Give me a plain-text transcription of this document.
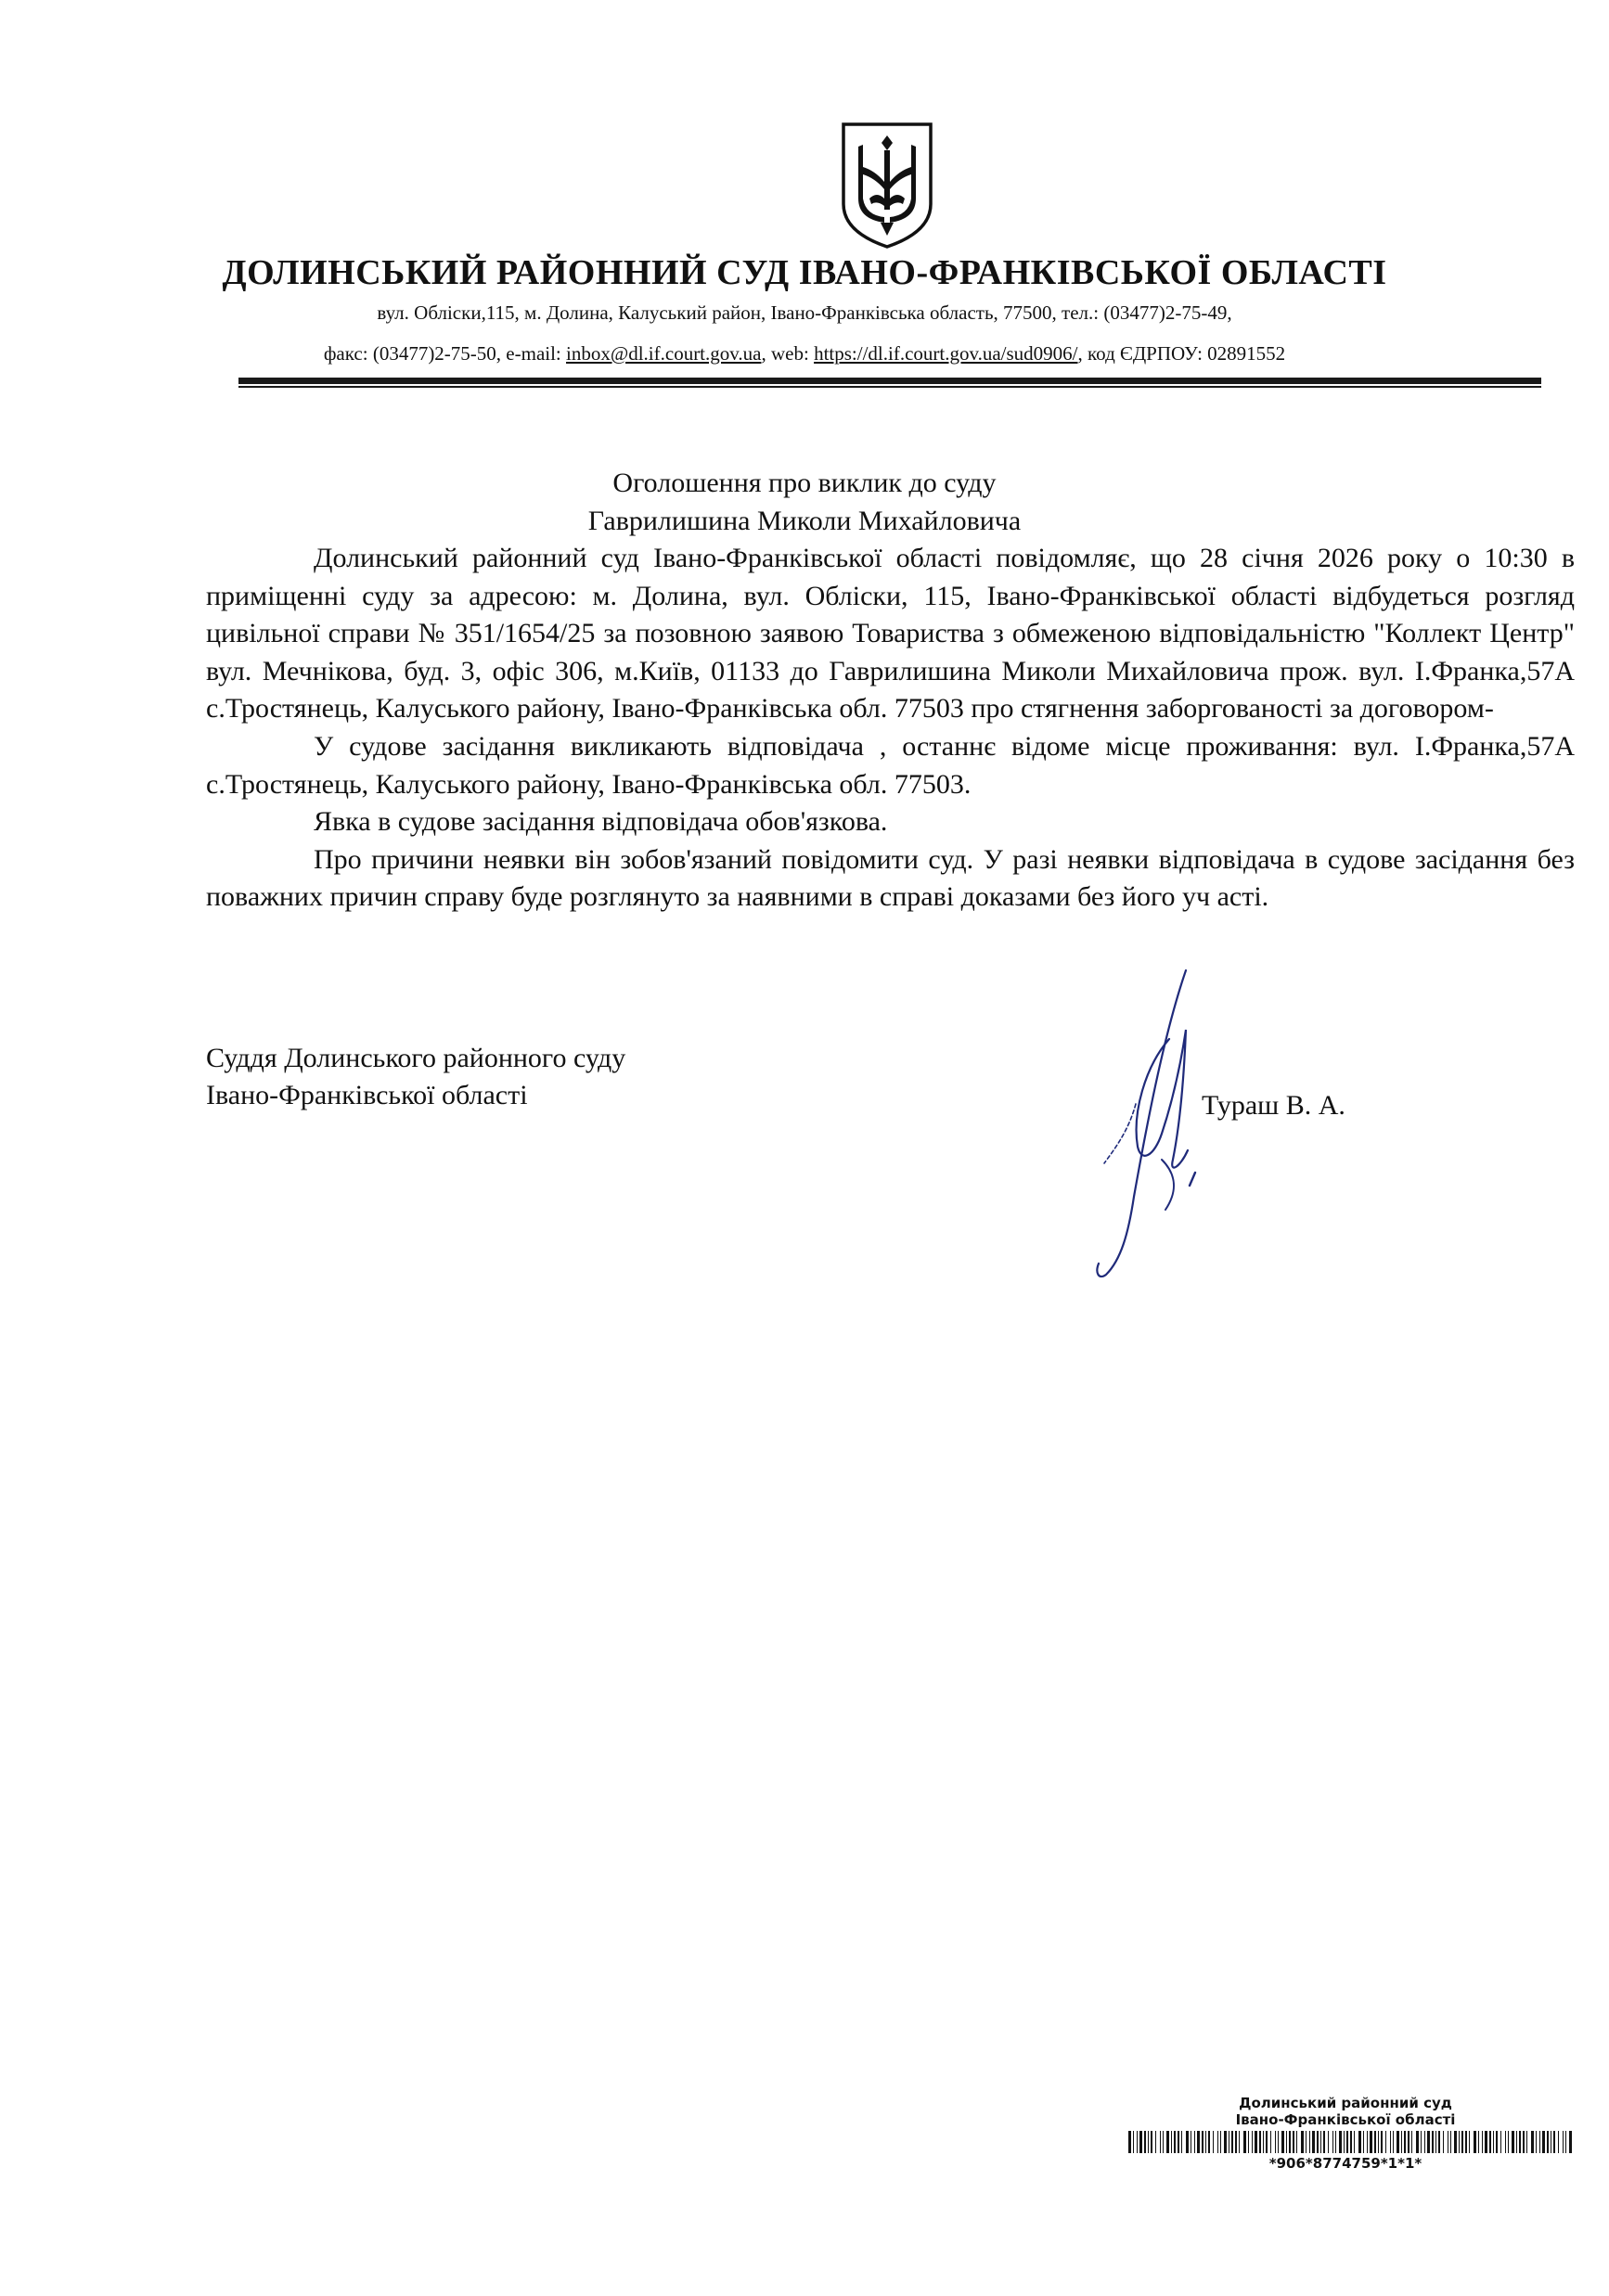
ДОЛИНСЬКИЙ РАЙОННИЙ СУД ІВАНО-ФРАНКІВСЬКОЇ ОБЛАСТІ
вул. Обліски,115, м. Долина, Калуський район, Івано-Франківська область, 77500, тел.: (03477)2-75-49,
факс: (03477)2-75-50, e-mail: inbox@dl.if.court.gov.ua, web: https://dl.if.court.gov.ua/sud0906/, код ЄДРПОУ: 02891552
Оголошення про виклик до суду
Гаврилишина Миколи Михайловича

Долинський районний суд Івано-Франківської області повідомляє, що 28 січня 2026 року о 10:30 в приміщенні суду за адресою: м. Долина, вул. Обліски, 115, Івано-Франківської області відбудеться розгляд цивільної справи № 351/1654/25 за позовною заявою Товариства з обмеженою відповідальністю "Коллект Центр" вул. Мечнікова, буд. 3, офіс 306, м.Київ, 01133 до Гаврилишина Миколи Михайловича прож. вул. І.Франка,57А с.Тростянець, Калуського району, Івано-Франківська обл. 77503 про стягнення заборгованості за договором-

У судове засідання викликають відповідача , останнє відоме місце проживання: вул. І.Франка,57А с.Тростянець, Калуського району, Івано-Франківська обл. 77503.

Явка в судове засідання відповідача обов'язкова.

Про причини неявки він зобов'язаний повідомити суд. У разі неявки відповідача в судове засідання без поважних причин справу буде розглянуто за наявними в справі доказами без його уч асті.

Суддя Долинського районного суду
Івано-Франківської області	Тураш В. А.
Долинський районний суд
Івано-Франківської області
*906*8774759*1*1*
